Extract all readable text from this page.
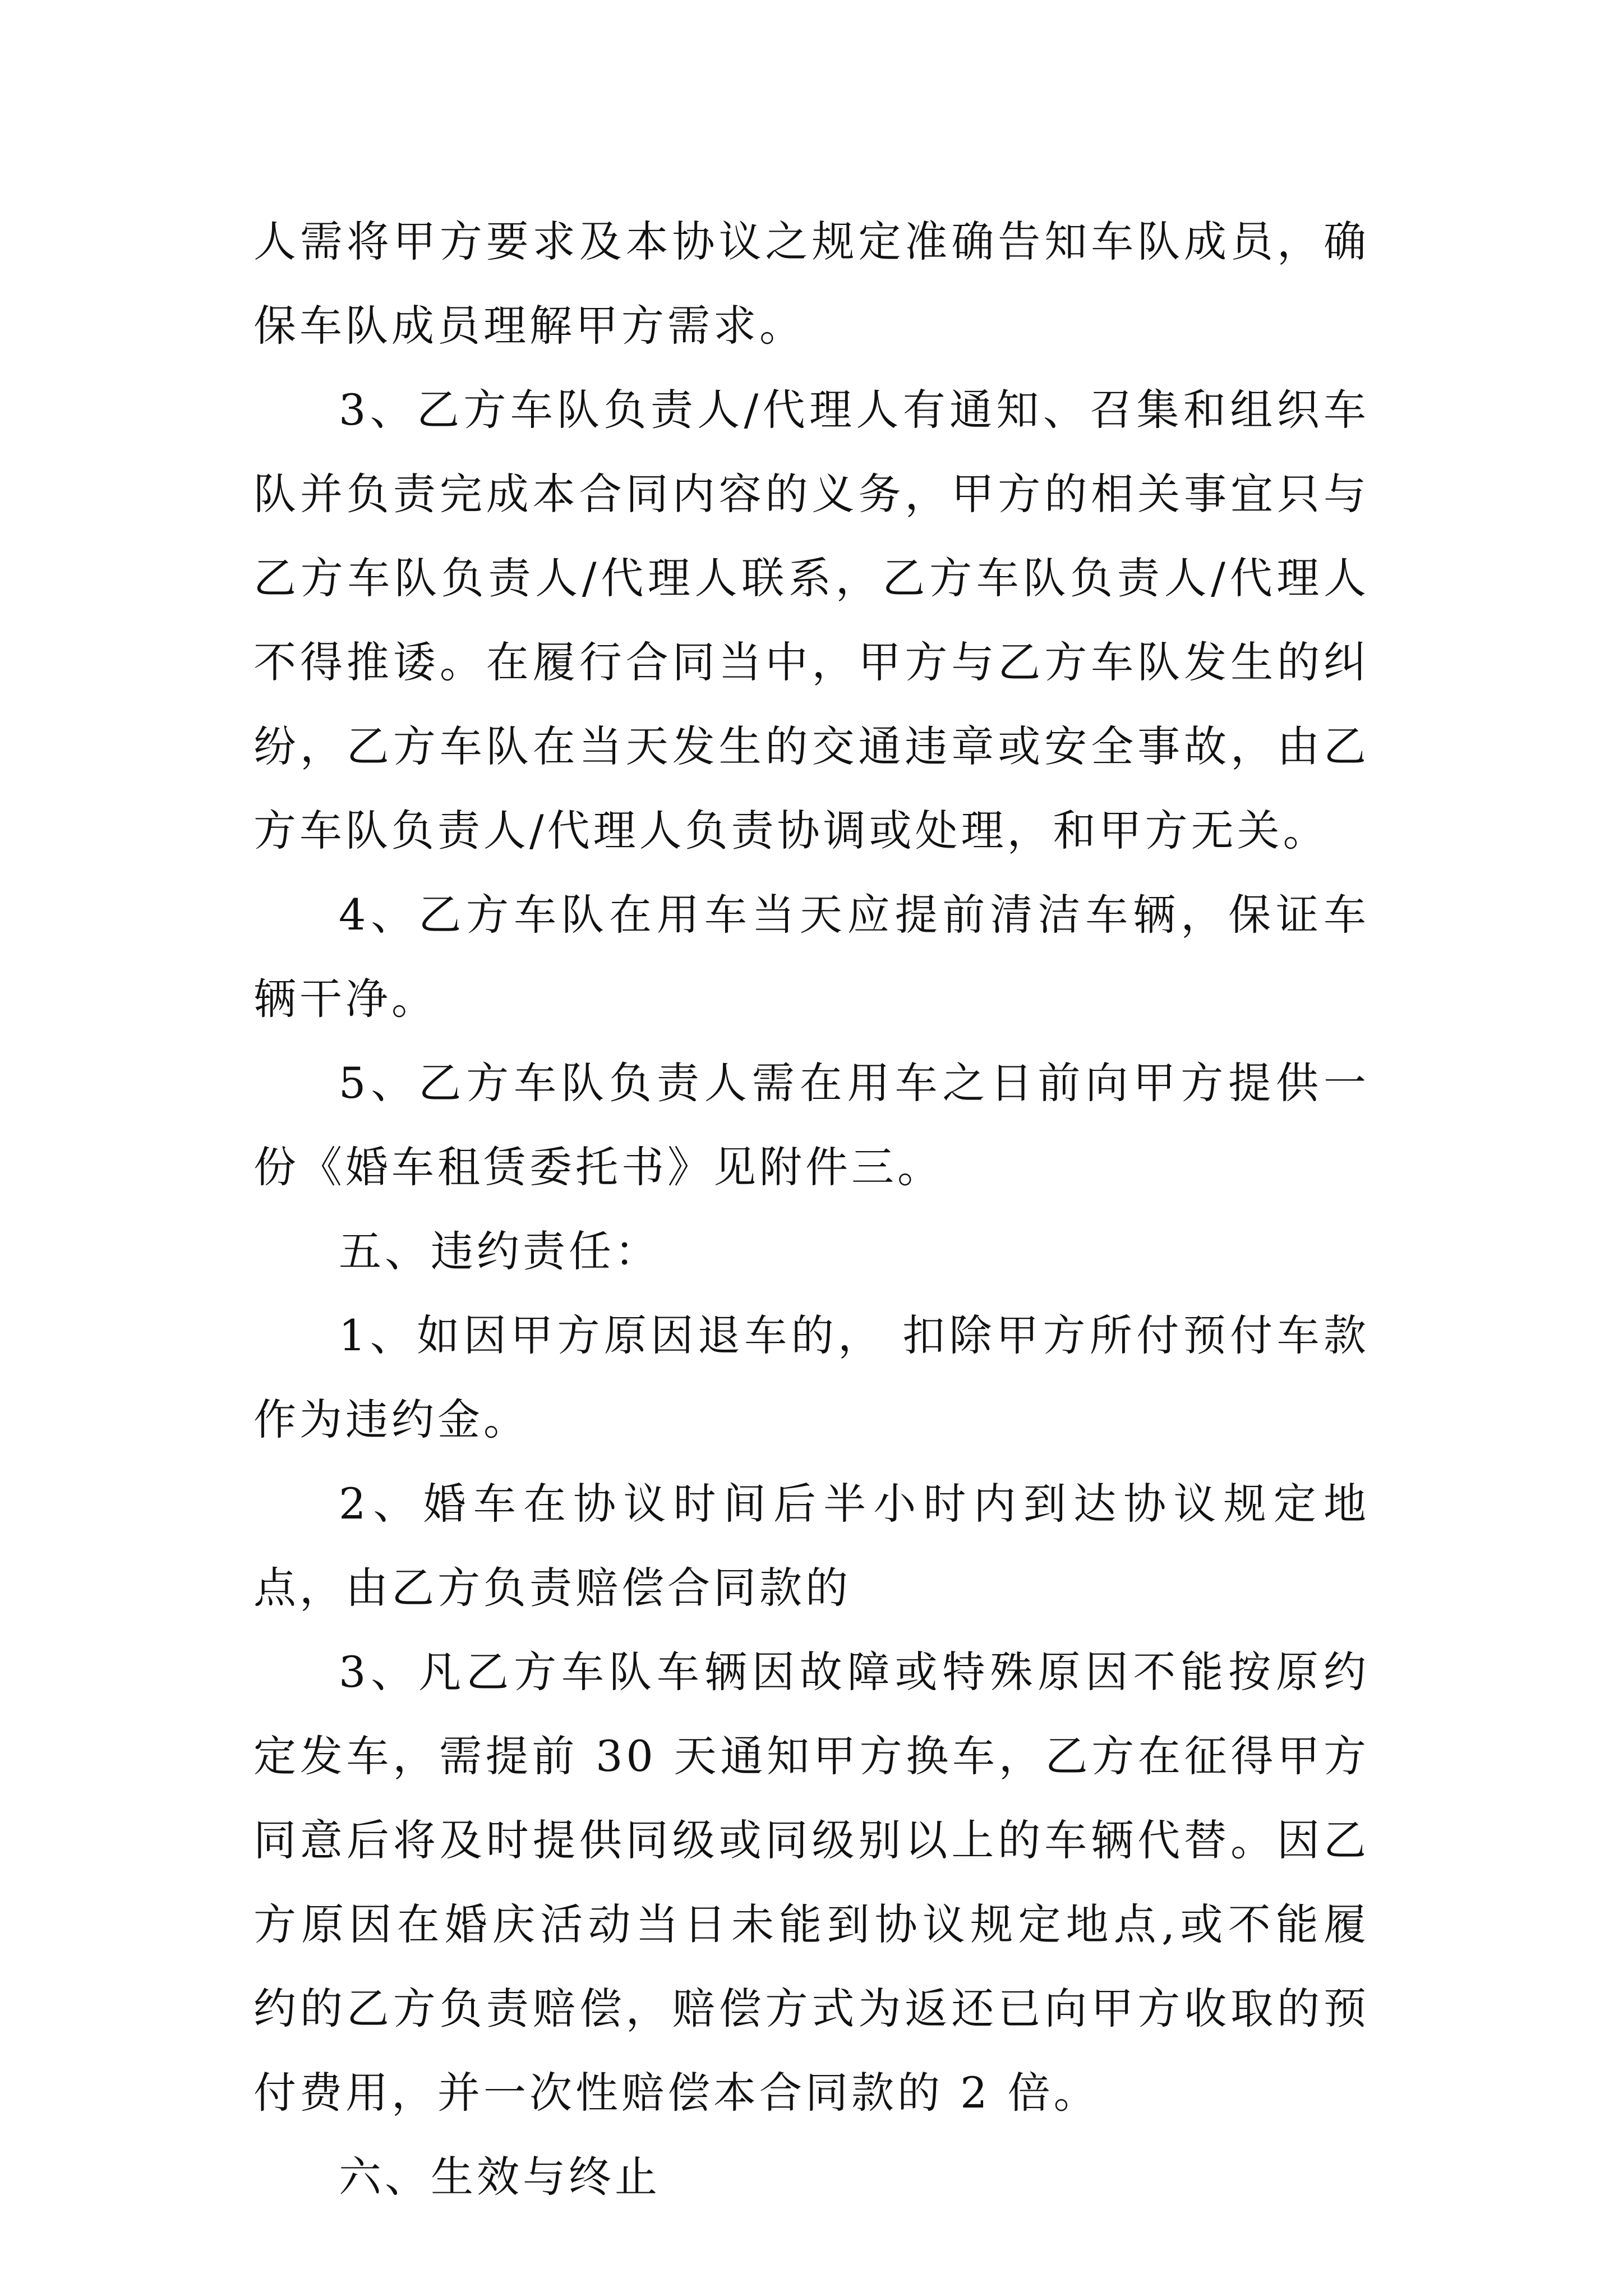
人需将甲方要求及本协议之规定准确告知车队成员，确保车队成员理解甲方需求。

3、乙方车队负责人/代理人有通知、召集和组织车队并负责完成本合同内容的义务，甲方的相关事宜只与乙方车队负责人/代理人联系，乙方车队负责人/代理人不得推诿。在履行合同当中，甲方与乙方车队发生的纠纷，乙方车队在当天发生的交通违章或安全事故，由乙方车队负责人/代理人负责协调或处理，和甲方无关。

4、乙方车队在用车当天应提前清洁车辆，保证车辆干净。

5、乙方车队负责人需在用车之日前向甲方提供一份《婚车租赁委托书》见附件三。

五、违约责任：

1、如因甲方原因退车的， 扣除甲方所付预付车款作为违约金。

2、婚车在协议时间后半小时内到达协议规定地点，由乙方负责赔偿合同款的

3、凡乙方车队车辆因故障或特殊原因不能按原约定发车，需提前 30 天通知甲方换车，乙方在征得甲方同意后将及时提供同级或同级别以上的车辆代替。因乙方原因在婚庆活动当日未能到协议规定地点,或不能履约的乙方负责赔偿，赔偿方式为返还已向甲方收取的预付费用，并一次性赔偿本合同款的 2 倍。

六、生效与终止
